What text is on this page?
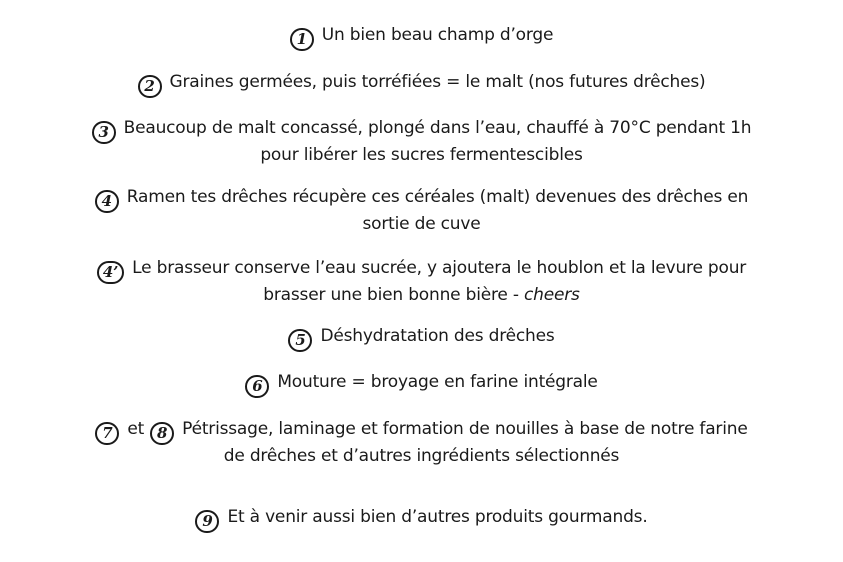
1 Un bien beau champ d’orge
2 Graines germées, puis torréfiées = le malt (nos futures drêches)
3 Beaucoup de malt concassé, plongé dans l’eau, chauffé à 70°C pendant 1h
pour libérer les sucres fermentescibles
4 Ramen tes drêches récupère ces céréales (malt) devenues des drêches en
sortie de cuve
4’ Le brasseur conserve l’eau sucrée, y ajoutera le houblon et la levure pour
brasser une bien bonne bière - cheers
5 Déshydratation des drêches
6 Mouture = broyage en farine intégrale
7 et 8 Pétrissage, laminage et formation de nouilles à base de notre farine
de drêches et d’autres ingrédients sélectionnés
9 Et à venir aussi bien d’autres produits gourmands.
